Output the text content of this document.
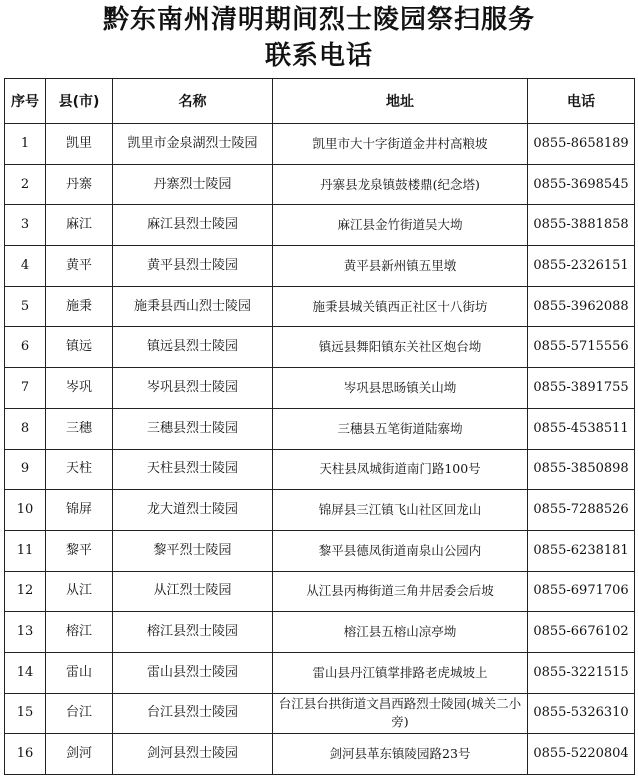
黔东南州清明期间烈士陵园祭扫服务
联系电话
序号	县(市)	名称	地址	电话
1	凯里	凯里市金泉湖烈士陵园	凯里市大十字街道金井村高粮坡	0855-8658189
2	丹寨	丹寨烈士陵园	丹寨县龙泉镇鼓楼鼎(纪念塔)	0855-3698545
3	麻江	麻江县烈士陵园	麻江县金竹街道吴大坳	0855-3881858
4	黄平	黄平县烈士陵园	黄平县新州镇五里墩	0855-2326151
5	施秉	施秉县西山烈士陵园	施秉县城关镇西正社区十八街坊	0855-3962088
6	镇远	镇远县烈士陵园	镇远县舞阳镇东关社区炮台坳	0855-5715556
7	岑巩	岑巩县烈士陵园	岑巩县思旸镇关山坳	0855-3891755
8	三穗	三穗县烈士陵园	三穗县五笔街道陆寨坳	0855-4538511
9	天柱	天柱县烈士陵园	天柱县凤城街道南门路100号	0855-3850898
10	锦屏	龙大道烈士陵园	锦屏县三江镇飞山社区回龙山	0855-7288526
11	黎平	黎平烈士陵园	黎平县德凤街道南泉山公园内	0855-6238181
12	从江	从江烈士陵园	从江县丙梅街道三角井居委会后坡	0855-6971706
13	榕江	榕江县烈士陵园	榕江县五榕山凉亭坳	0855-6676102
14	雷山	雷山县烈士陵园	雷山县丹江镇掌排路老虎城坡上	0855-3221515
15	台江	台江县烈士陵园	台江县台拱街道文昌西路烈士陵园(城关二小旁)	0855-5326310
16	剑河	剑河县烈士陵园	剑河县革东镇陵园路23号	0855-5220804
